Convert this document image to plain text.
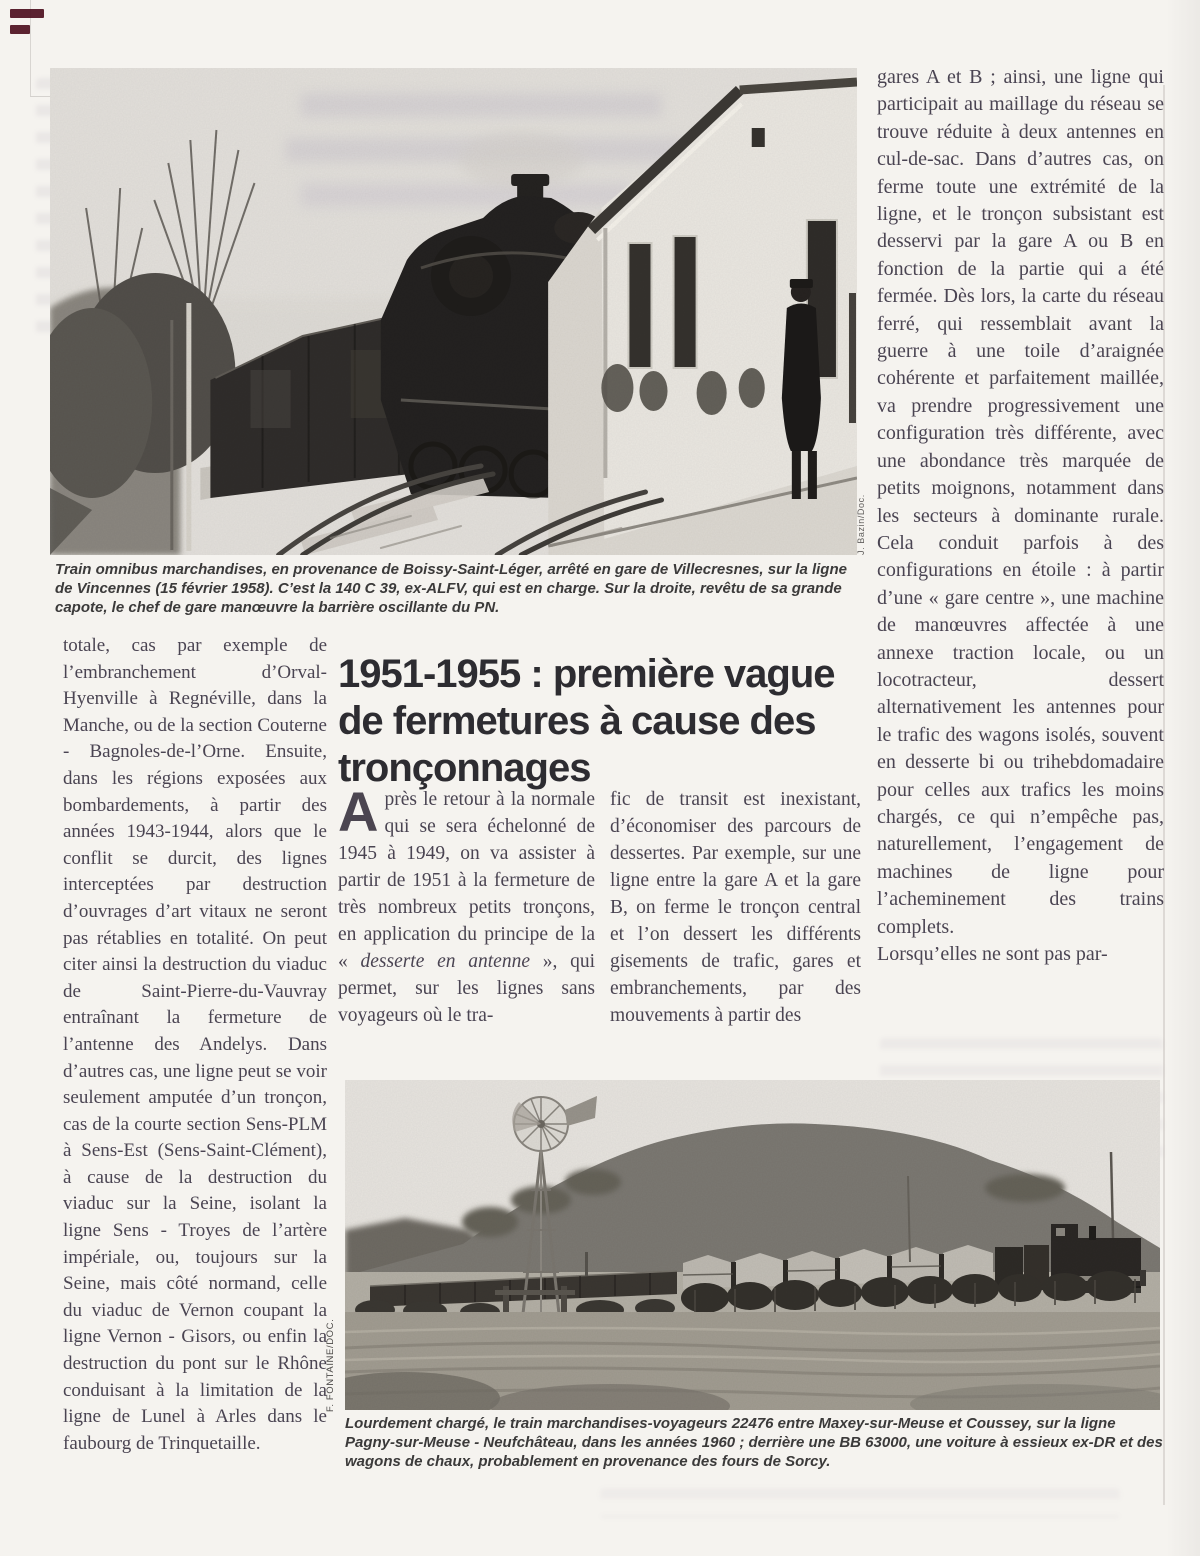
J. Bazin/Doc.
Train omnibus marchandises, en provenance de Boissy-Saint-Léger, arrêté en gare de Villecresnes, sur la ligne de Vincennes (15 février 1958). C’est la 140 C 39, ex-ALFV, qui est en charge. Sur la droite, revêtu de sa grande capote, le chef de gare manœuvre la barrière oscillante du PN.
1951-1955 : première vague de fermetures à cause des tronçonnages
totale, cas par exemple de l’embranchement d’Orval-Hyenville à Regnéville, dans la Manche, ou de la section Couterne - Bagnoles-de-l’Orne. Ensuite, dans les régions exposées aux bombardements, à partir des années 1943-1944, alors que le conflit se durcit, des lignes interceptées par destruction d’ouvrages d’art vitaux ne seront pas rétablies en totalité. On peut citer ainsi la destruction du viaduc de Saint-Pierre-du-Vauvray entraînant la fermeture de l’antenne des Andelys. Dans d’autres cas, une ligne peut se voir seulement amputée d’un tronçon, cas de la courte section Sens-PLM à Sens-Est (Sens-Saint-Clément), à cause de la destruction du viaduc sur la Seine, isolant la ligne Sens - Troyes de l’artère impériale, ou, toujours sur la Seine, mais côté normand, celle du viaduc de Vernon coupant la ligne Vernon - Gisors, ou enfin la destruction du pont sur le Rhône conduisant à la limitation de la ligne de Lunel à Arles dans le faubourg de Trinquetaille.
Après le retour à la normale qui se sera échelonné de 1945 à 1949, on va assister à partir de 1951 à la fermeture de très nombreux petits tronçons, en application du principe de la « desserte en antenne », qui permet, sur les lignes sans voyageurs où le tra-
fic de transit est inexistant, d’économiser des parcours de dessertes. Par exemple, sur une ligne entre la gare A et la gare B, on ferme le tronçon central et l’on dessert les différents gisements de trafic, gares et embranchements, par des mouvements à partir des

gares A et B ; ainsi, une ligne qui participait au maillage du réseau se trouve réduite à deux antennes en cul-de-sac. Dans d’autres cas, on ferme toute une extrémité de la ligne, et le tronçon subsistant est desservi par la gare A ou B en fonction de la partie qui a été fermée. Dès lors, la carte du réseau ferré, qui ressemblait avant la guerre à une toile d’araignée cohérente et parfaitement maillée, va prendre progressivement une configuration très différente, avec une abondance très marquée de petits moignons, notamment dans les secteurs à dominante rurale. Cela conduit parfois à des configurations en étoile : à partir d’une « gare centre », une machine de manœuvres affectée à une annexe traction locale, ou un locotracteur, dessert alternativement les antennes pour le trafic des wagons isolés, souvent en desserte bi ou trihebdomadaire pour celles aux trafics les moins chargés, ce qui n’empêche pas, naturellement, l’engagement de machines de ligne pour l’acheminement des trains complets.

Lorsqu’elles ne sont pas par-

F. FONTAINE/DOC.
Lourdement chargé, le train marchandises-voyageurs 22476 entre Maxey-sur-Meuse et Coussey, sur la ligne Pagny-sur-Meuse - Neufchâteau, dans les années 1960 ; derrière une BB 63000, une voiture à essieux ex-DR et des wagons de chaux, probablement en provenance des fours de Sorcy.
